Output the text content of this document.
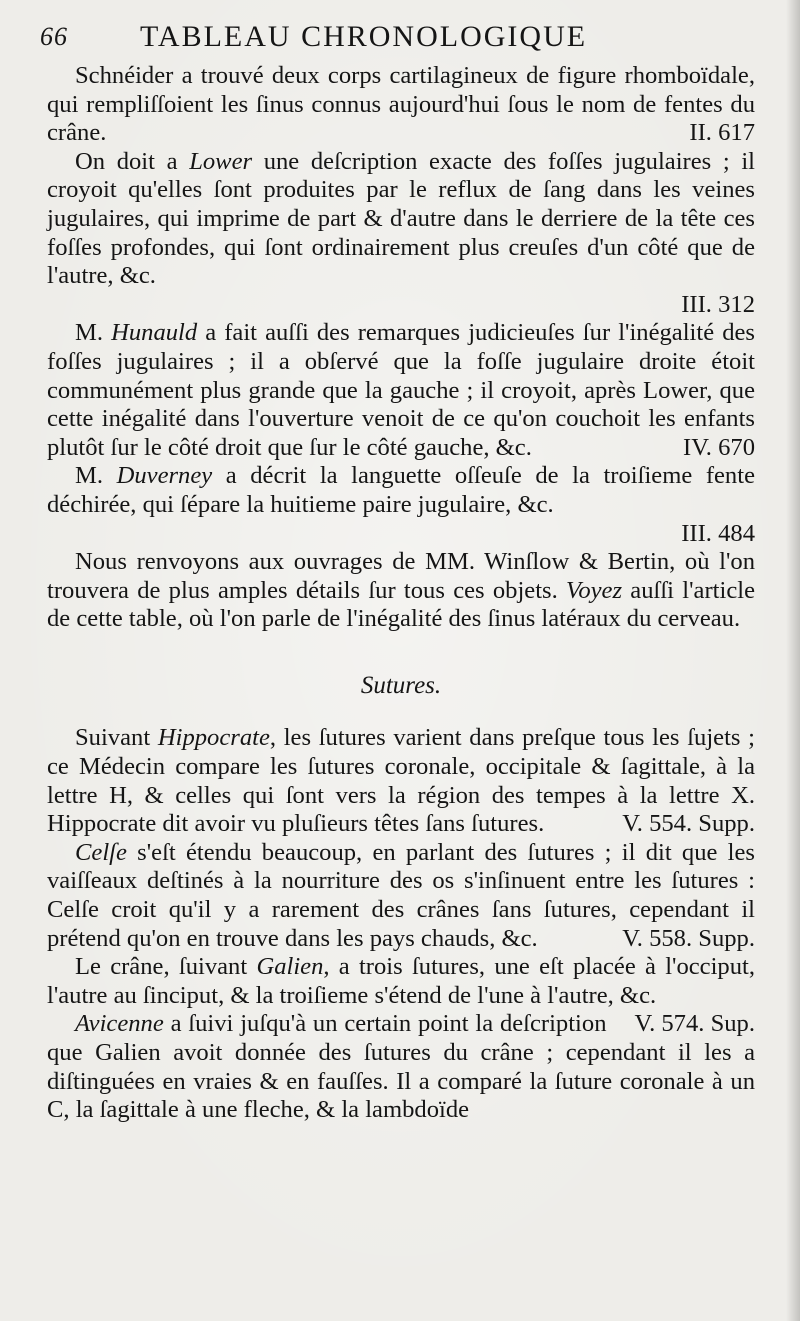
66 TABLEAU CHRONOLOGIQUE

Schnéider a trouvé deux corps cartilagineux de figure rhomboïdale, qui rempliſſoient les ſinus connus aujourd'hui ſous le nom de fentes du crâne.	II. 617

On doit a Lower une deſcription exacte des foſſes jugulaires ; il croyoit qu'elles ſont produites par le reflux de ſang dans les veines jugulaires, qui imprime de part & d'autre dans le derriere de la tête ces foſſes profondes, qui ſont ordinairement plus creuſes d'un côté que de l'autre, &c.
III. 312

M. Hunauld a fait auſſi des remarques judicieuſes ſur l'inégalité des foſſes jugulaires ; il a obſervé que la foſſe jugulaire droite étoit communément plus grande que la gauche ; il croyoit, après Lower, que cette inégalité dans l'ouverture venoit de ce qu'on couchoit les enfants plutôt ſur le côté droit que ſur le côté gauche, &c.	IV. 670

M. Duverney a décrit la languette oſſeuſe de la troiſieme fente déchirée, qui ſépare la huitieme paire jugulaire, &c.
III. 484

Nous renvoyons aux ouvrages de MM. Winſlow & Bertin, où l'on trouvera de plus amples détails ſur tous ces objets. Voyez auſſi l'article de cette table, où l'on parle de l'inégalité des ſinus latéraux du cerveau.

Sutures.

Suivant Hippocrate, les ſutures varient dans preſque tous les ſujets ; ce Médecin compare les ſutures coronale, occipitale & ſagittale, à la lettre H, & celles qui ſont vers la région des tempes à la lettre X. Hippocrate dit avoir vu pluſieurs têtes ſans ſutures.	V. 554. Supp.

Celſe s'eſt étendu beaucoup, en parlant des ſutures ; il dit que les vaiſſeaux deſtinés à la nourriture des os s'inſinuent entre les ſutures : Celſe croit qu'il y a rarement des crânes ſans ſutures, cependant il prétend qu'on en trouve dans les pays chauds, &c.	V. 558. Supp.

Le crâne, ſuivant Galien, a trois ſutures, une eſt placée à l'occiput, l'autre au ſinciput, & la troiſieme s'étend de l'une à l'autre, &c.
V. 574. Sup.

Avicenne a ſuivi juſqu'à un certain point la deſcription que Galien avoit donnée des ſutures du crâne ; cependant il les a diſtinguées en vraies & en fauſſes. Il a comparé la ſuture coronale à un C, la ſagittale à une fleche, & la lambdoïde
